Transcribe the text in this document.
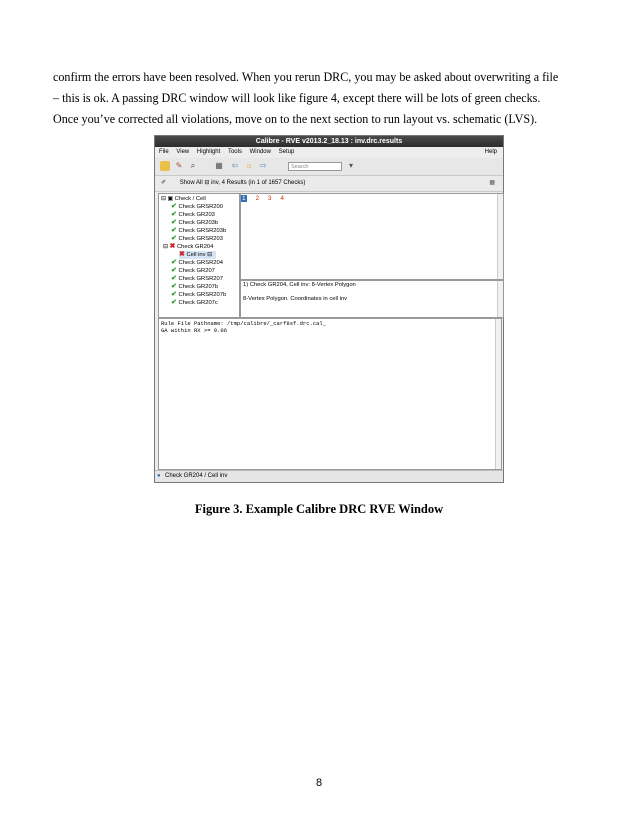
confirm the errors have been resolved. When you rerun DRC, you may be asked about overwriting a file

– this is ok. A passing DRC window will look like figure 4, except there will be lots of green checks.

Once you’ve corrected all violations, move on to the next section to run layout vs. schematic (LVS).

Calibre - RVE v2013.2_18.13 : inv.drc.results
File View Highlight Tools Window Setup	Help
✎	⌕	▦ ⇦ ☼ ⇨	Search	▾
✐ Show All ⊟ inv, 4 Results (in 1 of 1657 Checks)	▦
⊟ ▣ Check / Cell
✔ Check GRSR200
✔ Check GR203
✔ Check GR203b
✔ Check GRSR203b
✔ Check GRSR203
⊟ ✖ Check GR204
✖ Cell inv ⊟
✔ Check GRSR204
✔ Check GR207
✔ Check GRSR207
✔ Check GR207b
✔ Check GRSR207b
✔ Check GR207c
1 2 3 4
1) Check GR204, Cell inv: 8-Vertex Polygon
8-Vertex Polygon. Coordinates in cell inv
Rule File Pathname: /tmp/calibre/_carf8sf.drc.cal_
GA within RX >= 0.06
● Check GR204 / Cell inv
Figure 3. Example Calibre DRC RVE Window
8
